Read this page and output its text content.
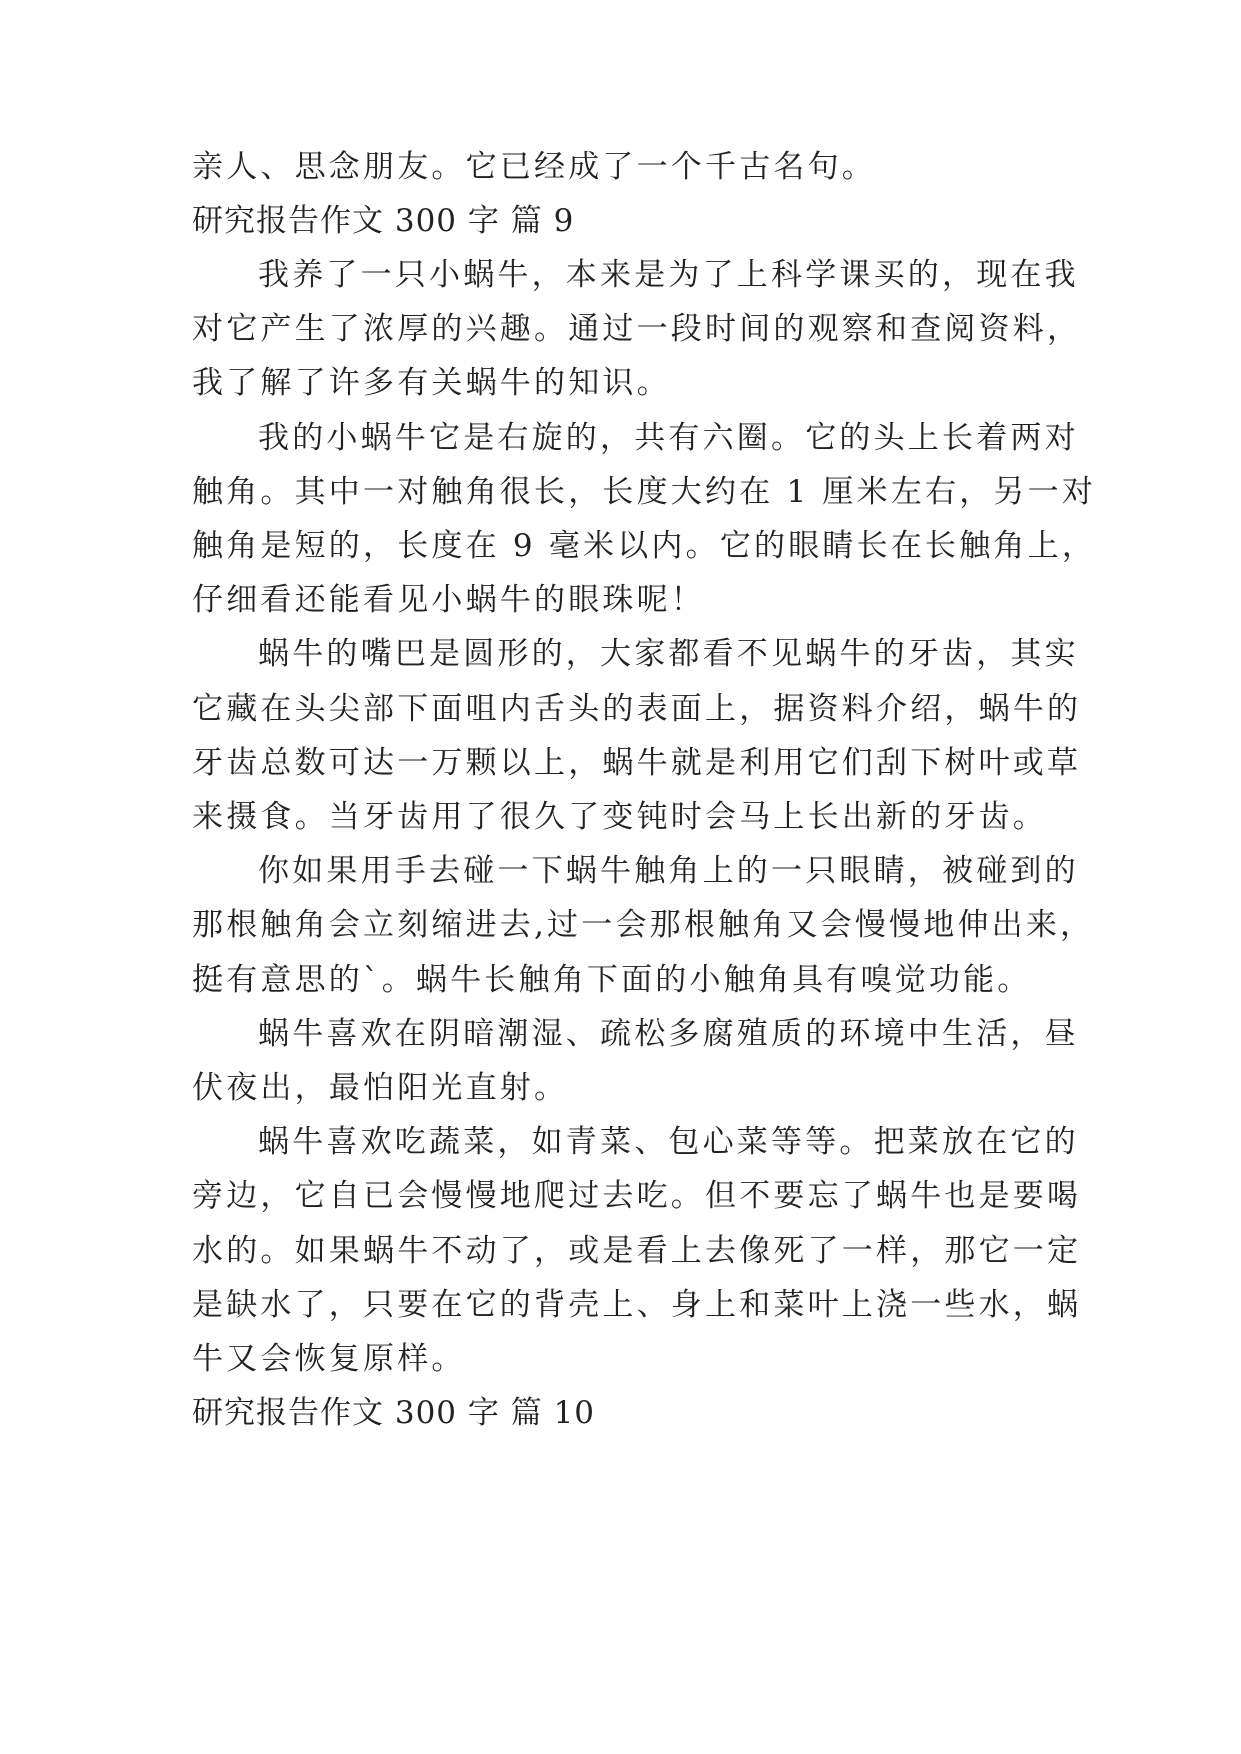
亲人、思念朋友。它已经成了一个千古名句。
研究报告作文 300 字 篇 9
我养了一只小蜗牛，本来是为了上科学课买的，现在我
对它产生了浓厚的兴趣。通过一段时间的观察和查阅资料，
我了解了许多有关蜗牛的知识。
我的小蜗牛它是右旋的，共有六圈。它的头上长着两对
触角。其中一对触角很长，长度大约在 1 厘米左右，另一对
触角是短的，长度在 9 毫米以内。它的眼睛长在长触角上，
仔细看还能看见小蜗牛的眼珠呢！
蜗牛的嘴巴是圆形的，大家都看不见蜗牛的牙齿，其实
它藏在头尖部下面咀内舌头的表面上，据资料介绍，蜗牛的
牙齿总数可达一万颗以上，蜗牛就是利用它们刮下树叶或草
来摄食。当牙齿用了很久了变钝时会马上长出新的牙齿。
你如果用手去碰一下蜗牛触角上的一只眼睛，被碰到的
那根触角会立刻缩进去,过一会那根触角又会慢慢地伸出来，
挺有意思的`。蜗牛长触角下面的小触角具有嗅觉功能。
蜗牛喜欢在阴暗潮湿、疏松多腐殖质的环境中生活，昼
伏夜出，最怕阳光直射。
蜗牛喜欢吃蔬菜，如青菜、包心菜等等。把菜放在它的
旁边，它自已会慢慢地爬过去吃。但不要忘了蜗牛也是要喝
水的。如果蜗牛不动了，或是看上去像死了一样，那它一定
是缺水了，只要在它的背壳上、身上和菜叶上浇一些水，蜗
牛又会恢复原样。
研究报告作文 300 字 篇 10
